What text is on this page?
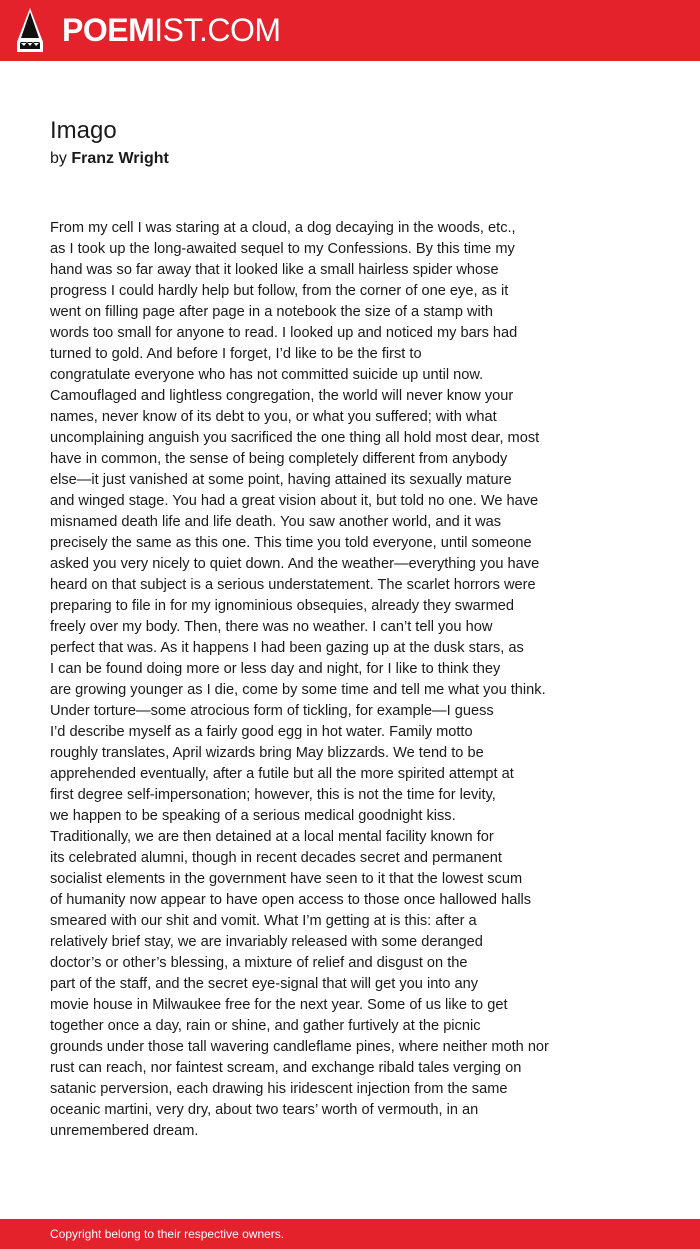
POEMIST.COM
Imago
by Franz Wright
From my cell I was staring at a cloud, a dog decaying in the woods, etc.,
as I took up the long-awaited sequel to my Confessions. By this time my
hand was so far away that it looked like a small hairless spider whose
progress I could hardly help but follow, from the corner of one eye, as it
went on filling page after page in a notebook the size of a stamp with
words too small for anyone to read. I looked up and noticed my bars had
turned to gold. And before I forget, I’d like to be the first to
congratulate everyone who has not committed suicide up until now.
Camouflaged and lightless congregation, the world will never know your
names, never know of its debt to you, or what you suffered; with what
uncomplaining anguish you sacrificed the one thing all hold most dear, most
have in common, the sense of being completely different from anybody
else—it just vanished at some point, having attained its sexually mature
and winged stage. You had a great vision about it, but told no one. We have
misnamed death life and life death. You saw another world, and it was
precisely the same as this one. This time you told everyone, until someone
asked you very nicely to quiet down. And the weather—everything you have
heard on that subject is a serious understatement. The scarlet horrors were
preparing to file in for my ignominious obsequies, already they swarmed
freely over my body. Then, there was no weather. I can’t tell you how
perfect that was. As it happens I had been gazing up at the dusk stars, as
I can be found doing more or less day and night, for I like to think they
are growing younger as I die, come by some time and tell me what you think.
Under torture—some atrocious form of tickling, for example—I guess
I’d describe myself as a fairly good egg in hot water. Family motto
roughly translates, April wizards bring May blizzards. We tend to be
apprehended eventually, after a futile but all the more spirited attempt at
first degree self-impersonation; however, this is not the time for levity,
we happen to be speaking of a serious medical goodnight kiss.
Traditionally, we are then detained at a local mental facility known for
its celebrated alumni, though in recent decades secret and permanent
socialist elements in the government have seen to it that the lowest scum
of humanity now appear to have open access to those once hallowed halls
smeared with our shit and vomit. What I’m getting at is this: after a
relatively brief stay, we are invariably released with some deranged
doctor’s or other’s blessing, a mixture of relief and disgust on the
part of the staff, and the secret eye-signal that will get you into any
movie house in Milwaukee free for the next year. Some of us like to get
together once a day, rain or shine, and gather furtively at the picnic
grounds under those tall wavering candleflame pines, where neither moth nor
rust can reach, nor faintest scream, and exchange ribald tales verging on
satanic perversion, each drawing his iridescent injection from the same
oceanic martini, very dry, about two tears’ worth of vermouth, in an
unremembered dream.
Copyright belong to their respective owners.
